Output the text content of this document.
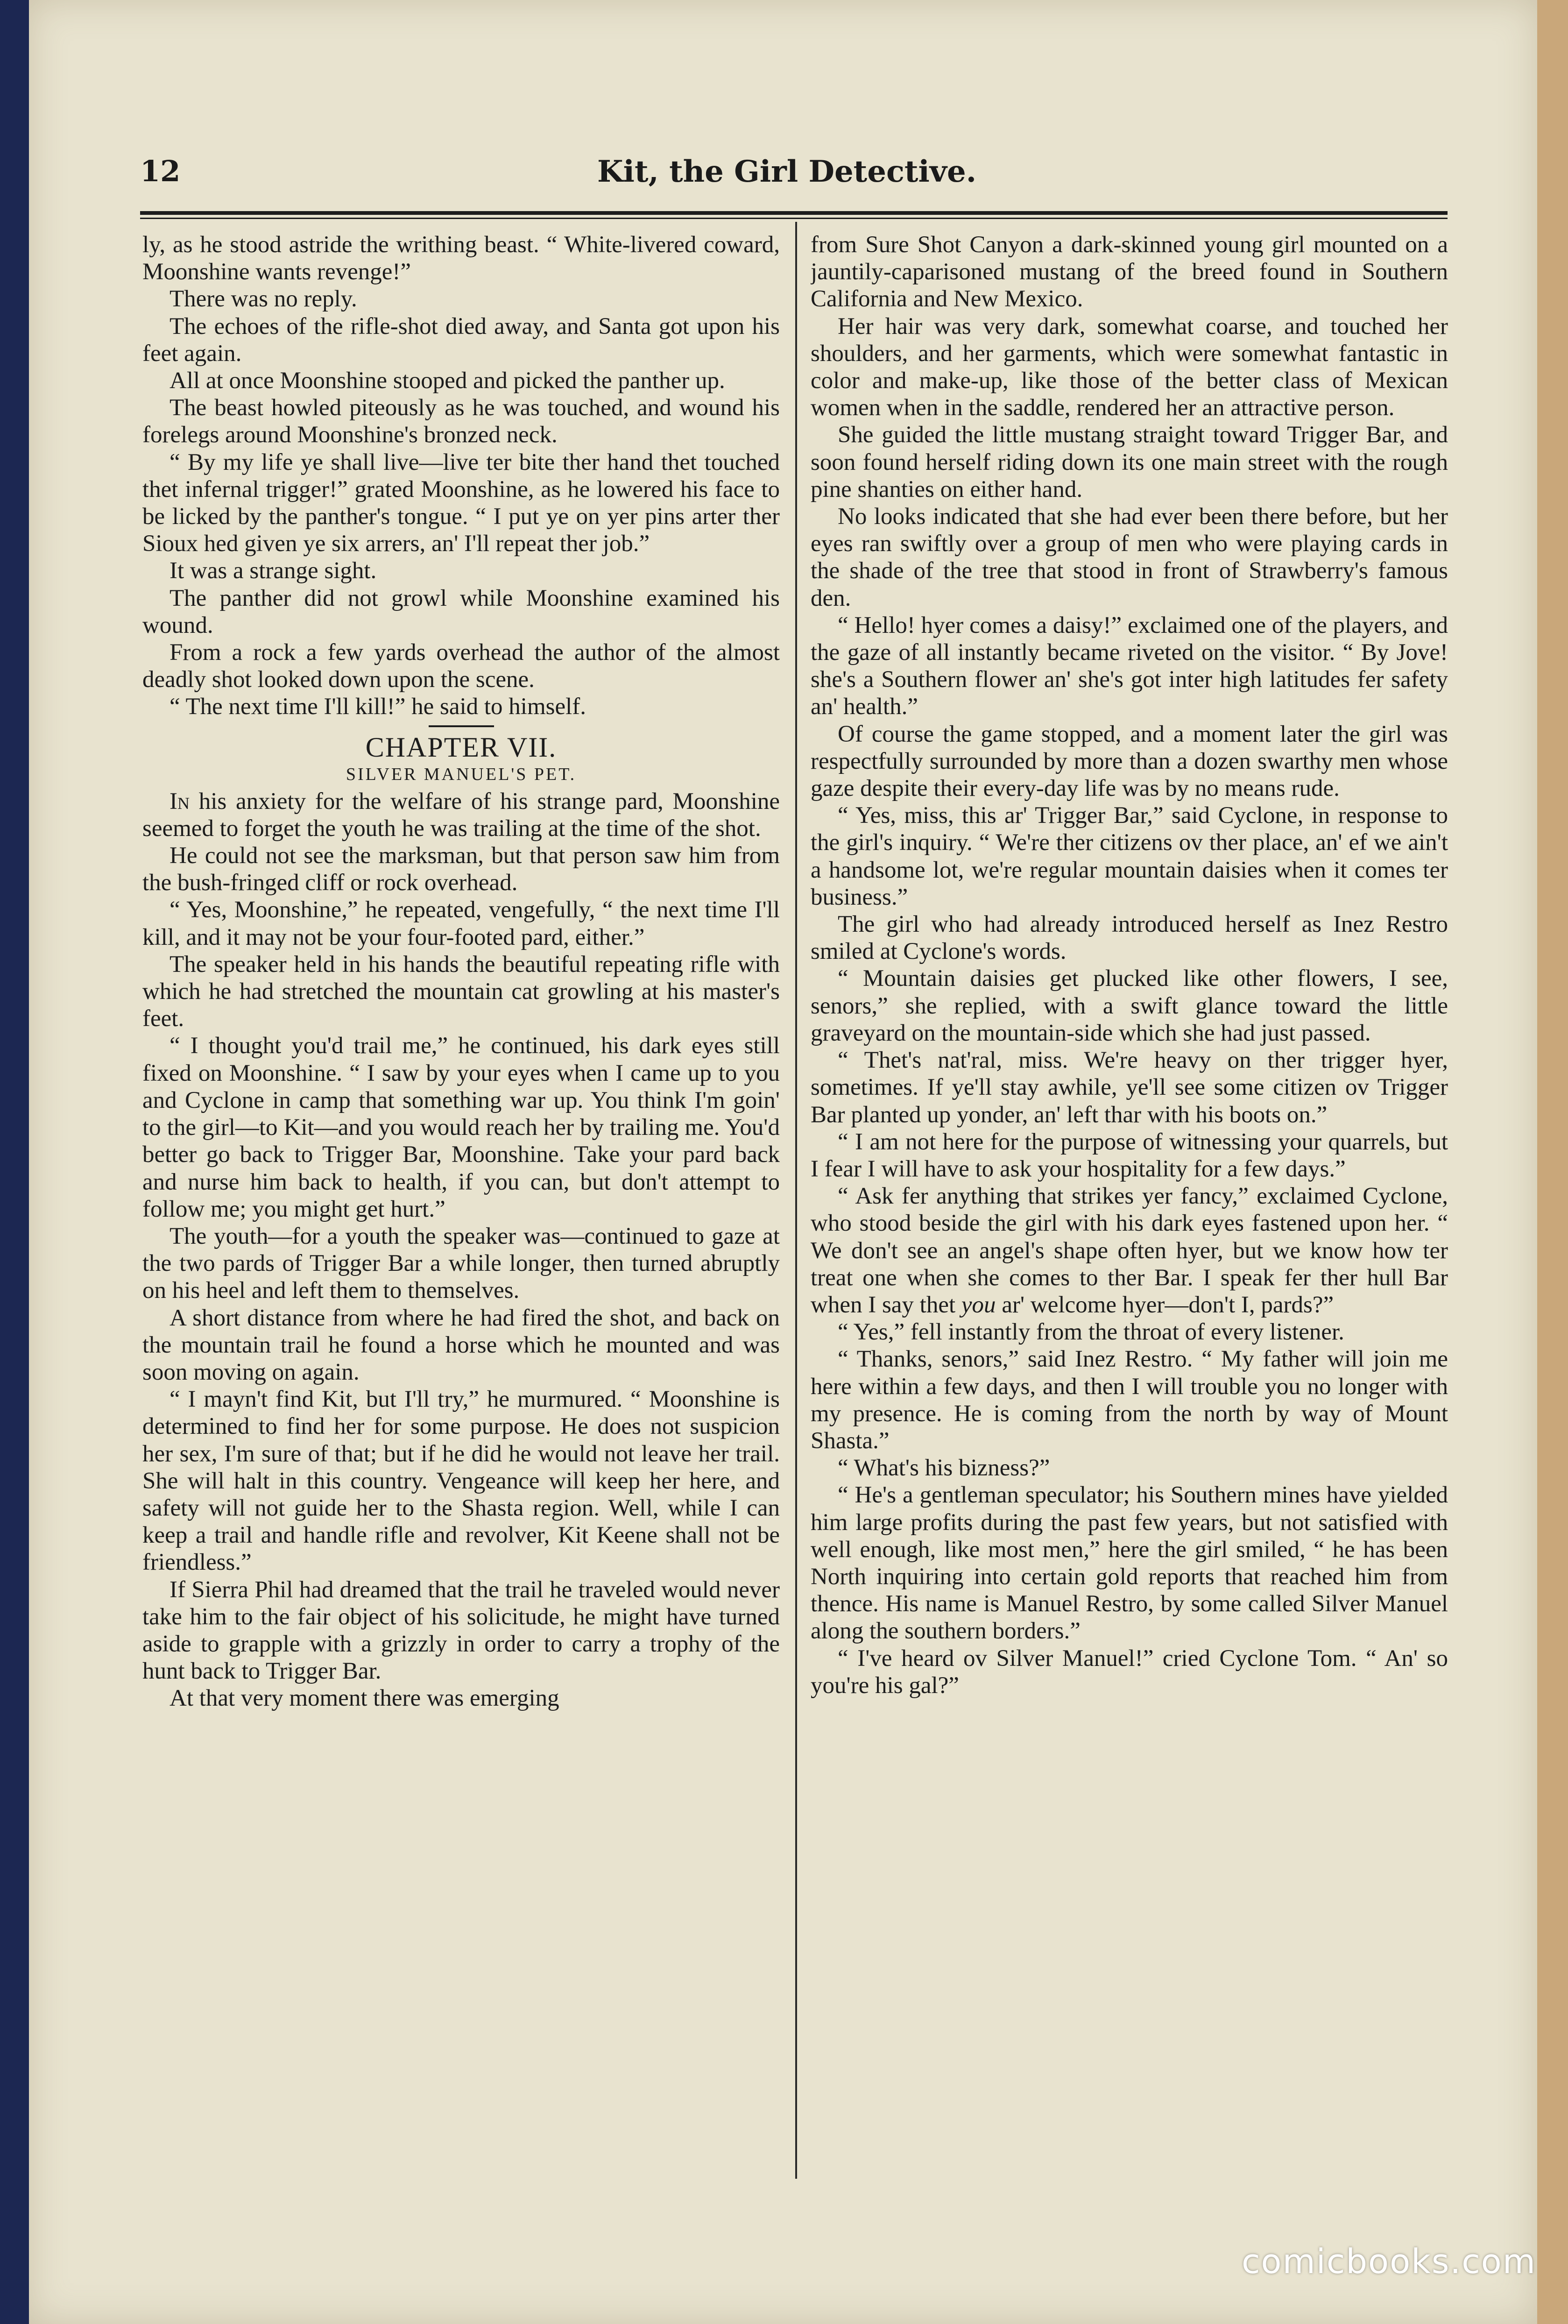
12	Kit, the Girl Detective.

ly, as he stood astride the writhing beast. “ White-livered coward, Moonshine wants revenge!”

There was no reply.

The echoes of the rifle-shot died away, and Santa got upon his feet again.

All at once Moonshine stooped and picked the panther up.

The beast howled piteously as he was touched, and wound his forelegs around Moonshine's bronzed neck.

“ By my life ye shall live—live ter bite ther hand thet touched thet infernal trigger!” grated Moonshine, as he lowered his face to be licked by the panther's tongue. “ I put ye on yer pins arter ther Sioux hed given ye six arrers, an' I'll repeat ther job.”

It was a strange sight.

The panther did not growl while Moonshine examined his wound.

From a rock a few yards overhead the author of the almost deadly shot looked down upon the scene.

“ The next time I'll kill!” he said to himself.

CHAPTER VII.
SILVER MANUEL'S PET.

In his anxiety for the welfare of his strange pard, Moonshine seemed to forget the youth he was trailing at the time of the shot.

He could not see the marksman, but that person saw him from the bush-fringed cliff or rock overhead.

“ Yes, Moonshine,” he repeated, vengefully, “ the next time I'll kill, and it may not be your four-footed pard, either.”

The speaker held in his hands the beautiful repeating rifle with which he had stretched the mountain cat growling at his master's feet.

“ I thought you'd trail me,” he continued, his dark eyes still fixed on Moonshine. “ I saw by your eyes when I came up to you and Cyclone in camp that something war up. You think I'm goin' to the girl—to Kit—and you would reach her by trailing me. You'd better go back to Trigger Bar, Moonshine. Take your pard back and nurse him back to health, if you can, but don't attempt to follow me; you might get hurt.”

The youth—for a youth the speaker was—continued to gaze at the two pards of Trigger Bar a while longer, then turned abruptly on his heel and left them to themselves.

A short distance from where he had fired the shot, and back on the mountain trail he found a horse which he mounted and was soon moving on again.

“ I mayn't find Kit, but I'll try,” he murmured. “ Moonshine is determined to find her for some purpose. He does not suspicion her sex, I'm sure of that; but if he did he would not leave her trail. She will halt in this country. Vengeance will keep her here, and safety will not guide her to the Shasta region. Well, while I can keep a trail and handle rifle and revolver, Kit Keene shall not be friendless.”

If Sierra Phil had dreamed that the trail he traveled would never take him to the fair object of his solicitude, he might have turned aside to grapple with a grizzly in order to carry a trophy of the hunt back to Trigger Bar.

At that very moment there was emerging

from Sure Shot Canyon a dark-skinned young girl mounted on a jauntily-caparisoned mustang of the breed found in Southern California and New Mexico.

Her hair was very dark, somewhat coarse, and touched her shoulders, and her garments, which were somewhat fantastic in color and make-up, like those of the better class of Mexican women when in the saddle, rendered her an attractive person.

She guided the little mustang straight toward Trigger Bar, and soon found herself riding down its one main street with the rough pine shanties on either hand.

No looks indicated that she had ever been there before, but her eyes ran swiftly over a group of men who were playing cards in the shade of the tree that stood in front of Strawberry's famous den.

“ Hello! hyer comes a daisy!” exclaimed one of the players, and the gaze of all instantly became riveted on the visitor. “ By Jove! she's a Southern flower an' she's got inter high latitudes fer safety an' health.”

Of course the game stopped, and a moment later the girl was respectfully surrounded by more than a dozen swarthy men whose gaze despite their every-day life was by no means rude.

“ Yes, miss, this ar' Trigger Bar,” said Cyclone, in response to the girl's inquiry. “ We're ther citizens ov ther place, an' ef we ain't a handsome lot, we're regular mountain daisies when it comes ter business.”

The girl who had already introduced herself as Inez Restro smiled at Cyclone's words.

“ Mountain daisies get plucked like other flowers, I see, senors,” she replied, with a swift glance toward the little graveyard on the mountain-side which she had just passed.

“ Thet's nat'ral, miss. We're heavy on ther trigger hyer, sometimes. If ye'll stay awhile, ye'll see some citizen ov Trigger Bar planted up yonder, an' left thar with his boots on.”

“ I am not here for the purpose of witnessing your quarrels, but I fear I will have to ask your hospitality for a few days.”

“ Ask fer anything that strikes yer fancy,” exclaimed Cyclone, who stood beside the girl with his dark eyes fastened upon her. “ We don't see an angel's shape often hyer, but we know how ter treat one when she comes to ther Bar. I speak fer ther hull Bar when I say thet you ar' welcome hyer—don't I, pards?”

“ Yes,” fell instantly from the throat of every listener.

“ Thanks, senors,” said Inez Restro. “ My father will join me here within a few days, and then I will trouble you no longer with my presence. He is coming from the north by way of Mount Shasta.”

“ What's his bizness?”

“ He's a gentleman speculator; his Southern mines have yielded him large profits during the past few years, but not satisfied with well enough, like most men,” here the girl smiled, “ he has been North inquiring into certain gold reports that reached him from thence. His name is Manuel Restro, by some called Silver Manuel along the southern borders.”

“ I've heard ov Silver Manuel!” cried Cyclone Tom. “ An' so you're his gal?”

comicbooks.com
